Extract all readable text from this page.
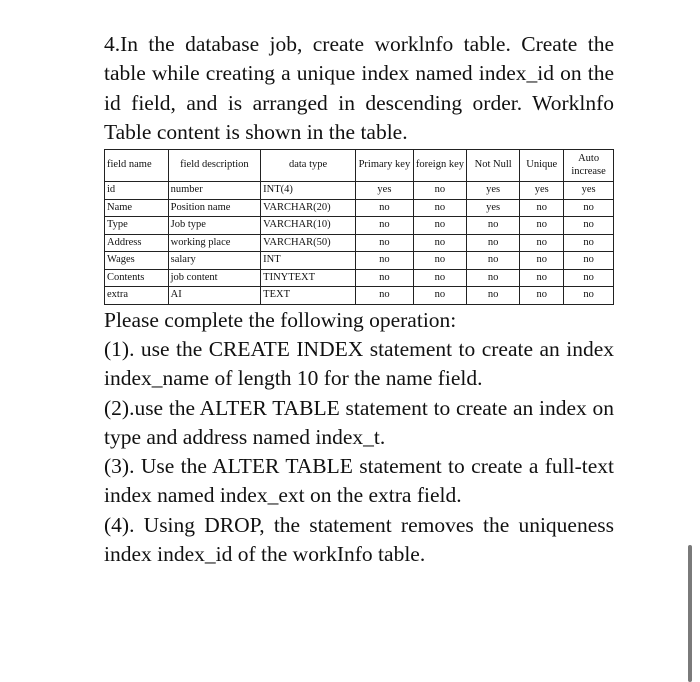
4.In the database job, create worklnfo table. Create the table while creating a unique index named index_id on the id field, and is arranged in descending order. Worklnfo Table content is shown in the table.

field name	field description	data type	Primary key	foreign key	Not Null	Unique	Auto increase
id	number	INT(4)	yes	no	yes	yes	yes
Name	Position name	VARCHAR(20)	no	no	yes	no	no
Type	Job type	VARCHAR(10)	no	no	no	no	no
Address	working place	VARCHAR(50)	no	no	no	no	no
Wages	salary	INT	no	no	no	no	no
Contents	job content	TINYTEXT	no	no	no	no	no
extra	AI	TEXT	no	no	no	no	no

Please complete the following operation:

(1). use the CREATE INDEX statement to create an index index_name of length 10 for the name field.

(2).use the ALTER TABLE statement to create an index on type and address named index_t.

(3). Use the ALTER TABLE statement to create a full-text index named index_ext on the extra field.

(4). Using DROP, the statement removes the uniqueness index index_id of the workInfo table.
